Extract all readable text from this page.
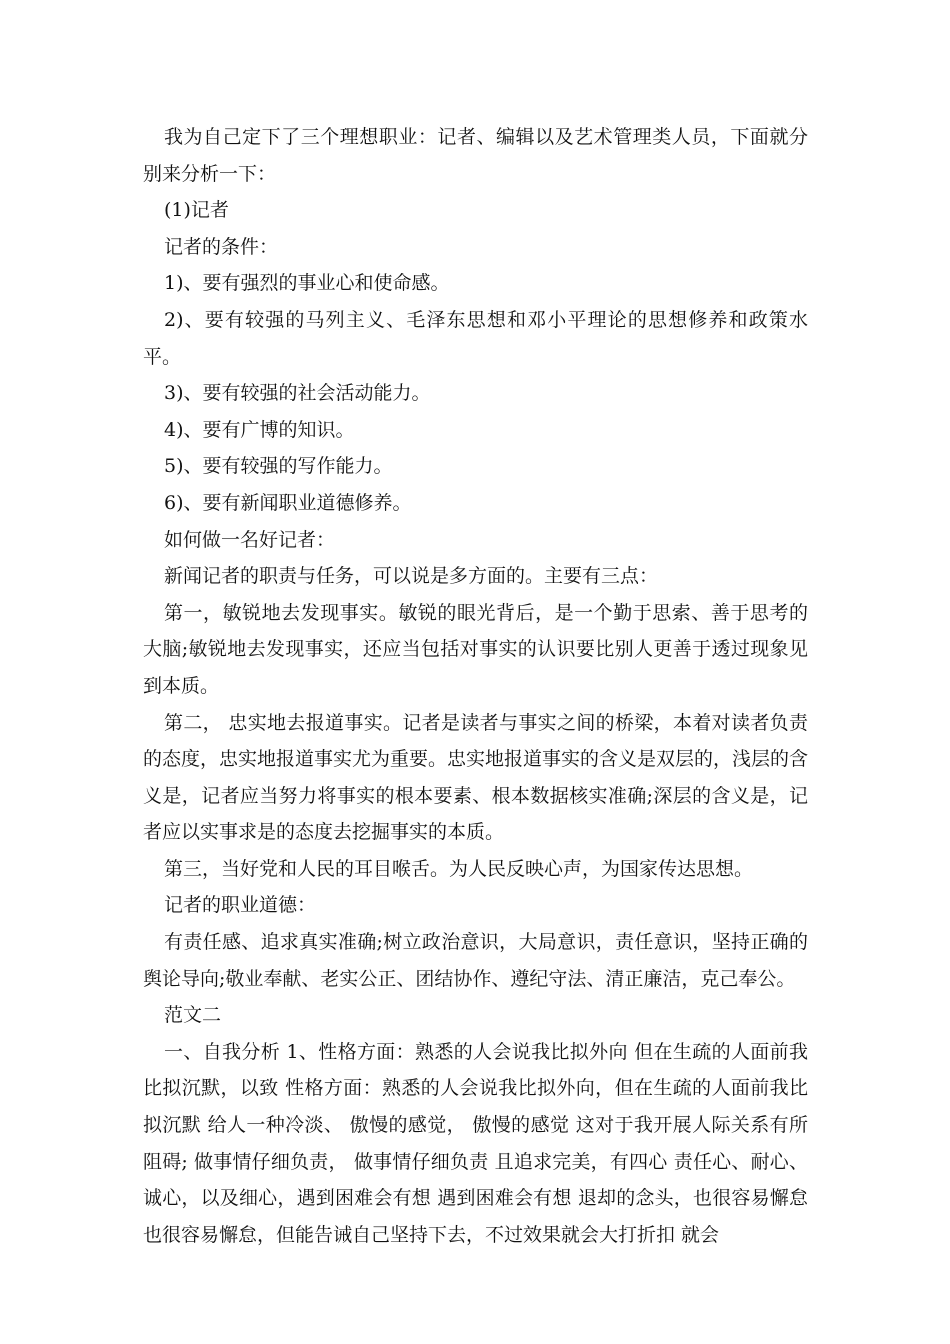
我为自己定下了三个理想职业：记者、编辑以及艺术管理类人员，下面就分别来分析一下：

(1)记者

记者的条件：

1)、要有强烈的事业心和使命感。

2)、要有较强的马列主义、毛泽东思想和邓小平理论的思想修养和政策水平。

3)、要有较强的社会活动能力。

4)、要有广博的知识。

5)、要有较强的写作能力。

6)、要有新闻职业道德修养。

如何做一名好记者：

新闻记者的职责与任务，可以说是多方面的。主要有三点：

第一，敏锐地去发现事实。敏锐的眼光背后，是一个勤于思索、善于思考的大脑;敏锐地去发现事实，还应当包括对事实的认识要比别人更善于透过现象见到本质。

第二， 忠实地去报道事实。记者是读者与事实之间的桥梁，本着对读者负责的态度，忠实地报道事实尤为重要。忠实地报道事实的含义是双层的，浅层的含义是，记者应当努力将事实的根本要素、根本数据核实准确;深层的含义是，记者应以实事求是的态度去挖掘事实的本质。

第三，当好党和人民的耳目喉舌。为人民反映心声，为国家传达思想。

记者的职业道德：

有责任感、追求真实准确;树立政治意识，大局意识，责任意识，坚持正确的舆论导向;敬业奉献、老实公正、团结协作、遵纪守法、清正廉洁，克己奉公。

范文二

一、自我分析 1、性格方面：熟悉的人会说我比拟外向 但在生疏的人面前我比拟沉默，以致 性格方面：熟悉的人会说我比拟外向，但在生疏的人面前我比拟沉默 给人一种冷淡、 傲慢的感觉， 傲慢的感觉 这对于我开展人际关系有所阻碍; 做事情仔细负责， 做事情仔细负责 且追求完美，有四心 责任心、耐心、诚心，以及细心，遇到困难会有想 遇到困难会有想 退却的念头，也很容易懈怠 也很容易懈怠，但能告诫自己坚持下去，不过效果就会大打折扣 就会
